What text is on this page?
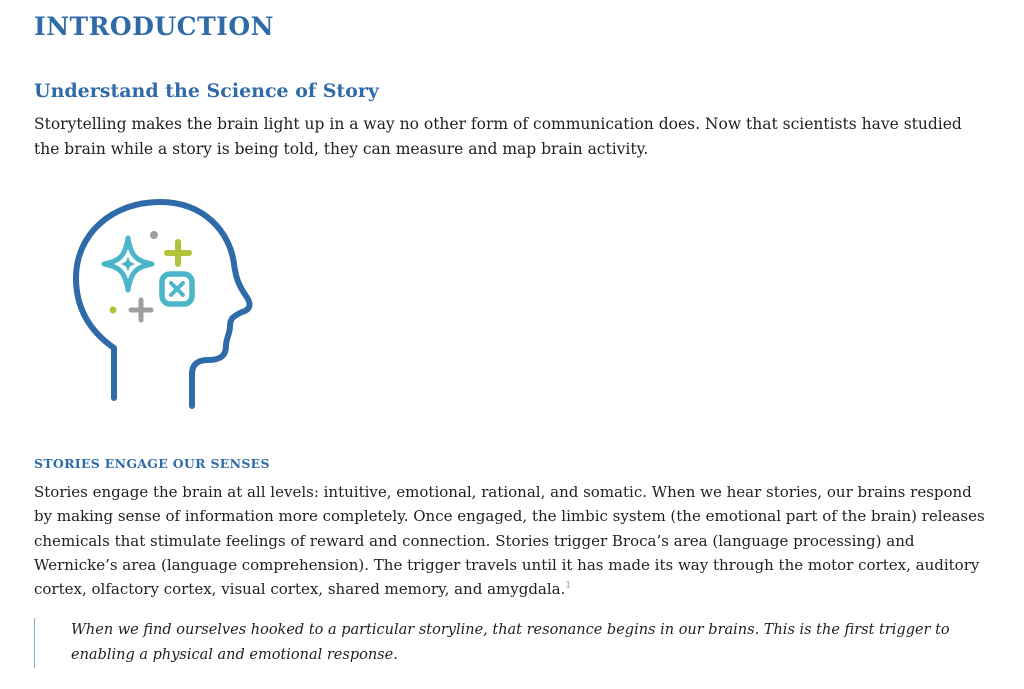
INTRODUCTION
Understand the Science of Story

Storytelling makes the brain light up in a way no other form of communication does. Now that scientists have studied the brain while a story is being told, they can measure and map brain activity.

STORIES ENGAGE OUR SENSES

Stories engage the brain at all levels: intuitive, emotional, rational, and somatic. When we hear stories, our brains respond by making sense of information more completely. Once engaged, the limbic system (the emotional part of the brain) releases chemicals that stimulate feelings of reward and connection. Stories trigger Broca’s area (language processing) and Wernicke’s area (language comprehension). The trigger travels until it has made its way through the motor cortex, auditory cortex, olfactory cortex, visual cortex, shared memory, and amygdala.$^1$

When we find ourselves hooked to a particular storyline, that resonance begins in our brains. This is the first trigger to enabling a physical and emotional response.
